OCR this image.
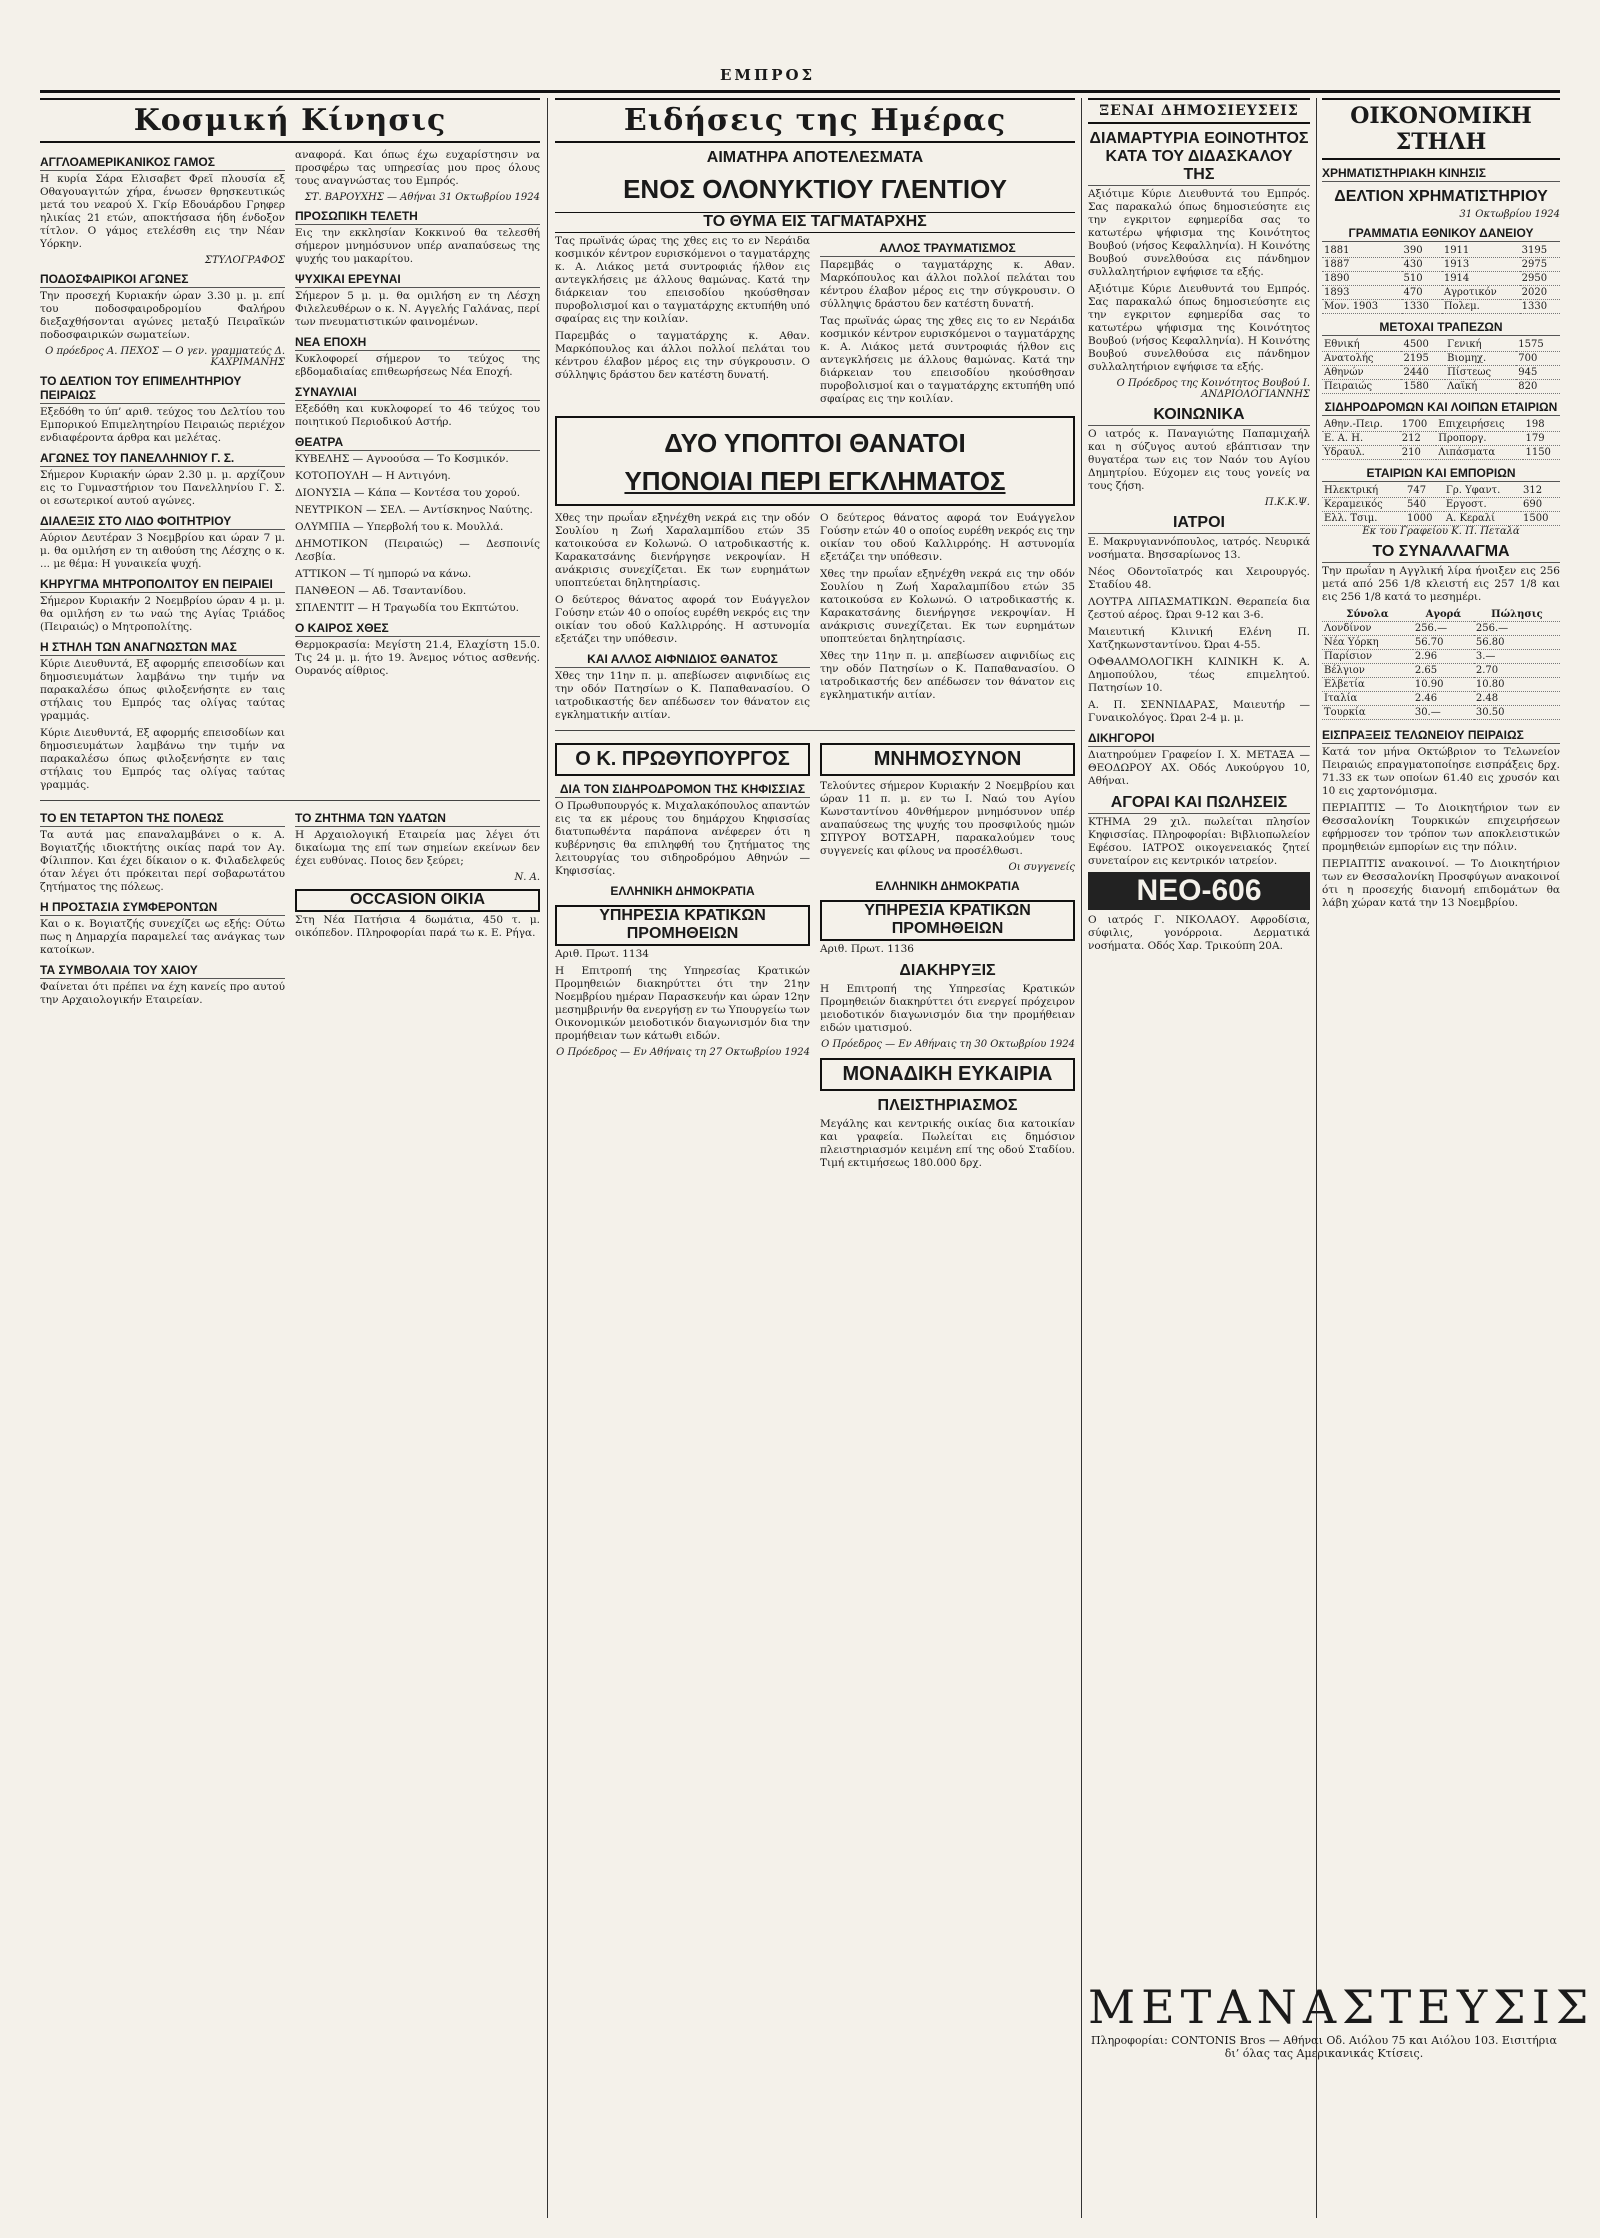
ΕΜΠΡΟΣ
Κοσμική Κίνησις
ΑΓΓΛΟΑΜΕΡΙΚΑΝΙΚΟΣ ΓΑΜΟΣ

Η κυρία Σάρα Ελισαβετ Φρεϊ πλουσία εξ Οθαγουαγιτών χήρα, ένωσεν θρησκευτικώς μετά του νεαρού Χ. Γκίρ Εδουάρδου Γρηφερ ηλικίας 21 ετών, αποκτήσασα ήδη ένδοξον τίτλον. Ο γάμος ετελέσθη εις την Νέαν Υόρκην.

ΣΤΥΛΟΓΡΑΦΟΣ

ΠΟΔΟΣΦΑΙΡΙΚΟΙ ΑΓΩΝΕΣ

Την προσεχή Κυριακήν ώραν 3.30 μ. μ. επί του ποδοσφαιροδρομίου Φαλήρου διεξαχθήσονται αγώνες μεταξύ Πειραϊκών ποδοσφαιρικών σωματείων.

Ο πρόεδρος Α. ΠΕΧΟΣ — Ο γεν. γραμματεύς Δ. ΚΑΧΡΙΜΑΝΗΣ

ΤΟ ΔΕΛΤΙΟΝ ΤΟΥ ΕΠΙΜΕΛΗΤΗΡΙΟΥ ΠΕΙΡΑΙΩΣ

Εξεδόθη το ύπ’ αριθ. τεύχος του Δελτίου του Εμπορικού Επιμελητηρίου Πειραιώς περιέχον ενδιαφέροντα άρθρα και μελέτας.

ΑΓΩΝΕΣ ΤΟΥ ΠΑΝΕΛΛΗΝΙΟΥ Γ. Σ.

Σήμερον Κυριακήν ώραν 2.30 μ. μ. αρχίζουν εις το Γυμναστήριον του Πανελληνίου Γ. Σ. οι εσωτερικοί αυτού αγώνες.

ΔΙΑΛΕΞΙΣ ΣΤΟ ΛΙΔΟ ΦΟΙΤΗΤΡΙΟΥ

Αύριον Δευτέραν 3 Νοεμβρίου και ώραν 7 μ. μ. θα ομιλήση εν τη αιθούση της Λέσχης ο κ. ... με θέμα: Η γυναικεία ψυχή.

ΚΗΡΥΓΜΑ ΜΗΤΡΟΠΟΛΙΤΟΥ ΕΝ ΠΕΙΡΑΙΕΙ

Σήμερον Κυριακήν 2 Νοεμβρίου ώραν 4 μ. μ. θα ομιλήση εν τω ναώ της Αγίας Τριάδος (Πειραιώς) ο Μητροπολίτης.

Η ΣΤΗΛΗ ΤΩΝ ΑΝΑΓΝΩΣΤΩΝ ΜΑΣ

Κύριε Διευθυντά, Εξ αφορμής επεισοδίων και δημοσιευμάτων λαμβάνω την τιμήν να παρακαλέσω όπως φιλοξενήσητε εν ταις στήλαις του Εμπρός τας ολίγας ταύτας γραμμάς.

Κύριε Διευθυντά, Εξ αφορμής επεισοδίων και δημοσιευμάτων λαμβάνω την τιμήν να παρακαλέσω όπως φιλοξενήσητε εν ταις στήλαις του Εμπρός τας ολίγας ταύτας γραμμάς.

αναφορά. Και όπως έχω ευχαρίστησιν να προσφέρω τας υπηρεσίας μου προς όλους τους αναγνώστας του Εμπρός.

ΣΤ. ΒΑΡΟΥΧΗΣ — Αθήναι 31 Οκτωβρίου 1924

ΠΡΟΣΩΠΙΚΗ ΤΕΛΕΤΗ

Εις την εκκλησίαν Κοκκινού θα τελεσθή σήμερον μνημόσυνον υπέρ αναπαύσεως της ψυχής του μακαρίτου.

ΨΥΧΙΚΑΙ ΕΡΕΥΝΑΙ

Σήμερον 5 μ. μ. θα ομιλήση εν τη Λέσχη Φιλελευθέρων ο κ. Ν. Αγγελής Γαλάνας, περί των πνευματιστικών φαινομένων.

ΝΕΑ ΕΠΟΧΗ

Κυκλοφορεί σήμερον το τεύχος της εβδομαδιαίας επιθεωρήσεως Νέα Εποχή.

ΣΥΝΑΥΛΙΑΙ

Εξεδόθη και κυκλοφορεί το 46 τεύχος του ποιητικού Περιοδικού Αστήρ.

ΘΕΑΤΡΑ

ΚΥΒΕΛΗΣ — Αγνοούσα — Το Κοσμικόν.

ΚΟΤΟΠΟΥΛΗ — Η Αντιγόνη.

ΔΙΟΝΥΣΙΑ — Κάπα — Κοντέσα του χορού.

ΝΕΥΤΡΙΚΟΝ — ΣΕΛ. — Αντίσκηνος Ναύτης.

ΟΛΥΜΠΙΑ — Υπερβολή του κ. Μουλλά.

ΔΗΜΟΤΙΚΟΝ (Πειραιώς) — Δεσποινίς Λεσβία.

ΑΤΤΙΚΟΝ — Τί ημπορώ να κάνω.

ΠΑΝΘΕΟΝ — Αδ. Τσαντανίδου.

ΣΠΛΕΝΤΙΤ — Η Τραγωδία του Εκπτώτου.

Ο ΚΑΙΡΟΣ ΧΘΕΣ

Θερμοκρασία: Μεγίστη 21.4, Ελαχίστη 15.0. Τις 24 μ. μ. ήτο 19. Άνεμος νότιος ασθενής. Ουρανός αίθριος.

ΤΟ ΕΝ ΤΕΤΑΡΤΟΝ ΤΗΣ ΠΟΛΕΩΣ

Τα αυτά μας επαναλαμβάνει ο κ. Α. Βογιατζής ιδιοκτήτης οικίας παρά τον Αγ. Φίλιππον. Και έχει δίκαιον ο κ. Φιλαδελφεύς όταν λέγει ότι πρόκειται περί σοβαρωτάτου ζητήματος της πόλεως.

Η ΠΡΟΣΤΑΣΙΑ ΣΥΜΦΕΡΟΝΤΩΝ

Και ο κ. Βογιατζής συνεχίζει ως εξής: Ούτω πως η Δημαρχία παραμελεί τας ανάγκας των κατοίκων.

ΤΑ ΣΥΜΒΟΛΑΙΑ ΤΟΥ ΧΑΙΟΥ

Φαίνεται ότι πρέπει να έχη κανείς προ αυτού την Αρχαιολογικήν Εταιρείαν.

ΤΟ ΖΗΤΗΜΑ ΤΩΝ ΥΔΑΤΩΝ

Η Αρχαιολογική Εταιρεία μας λέγει ότι δικαίωμα της επί των σημείων εκείνων δεν έχει ευθύνας. Ποιος δεν ξεύρει;

Ν. Α.

OCCASION ΟΙΚΙΑ

Στη Νέα Πατήσια 4 δωμάτια, 450 τ. μ. οικόπεδον. Πληροφορίαι παρά τω κ. Ε. Ρήγα.

Ειδήσεις της Ημέρας
ΑΙΜΑΤΗΡΑ ΑΠΟΤΕΛΕΣΜΑΤΑ
ΕΝΟΣ ΟΛΟΝΥΚΤΙΟΥ ΓΛΕΝΤΙΟΥ
ΤΟ ΘΥΜΑ ΕΙΣ ΤΑΓΜΑΤΑΡΧΗΣ

Τας πρωϊνάς ώρας της χθες εις το εν Νεράιδα κοσμικόν κέντρον ευρισκόμενοι ο ταγματάρχης κ. Α. Λιάκος μετά συντροφιάς ήλθον εις αντεγκλήσεις με άλλους θαμώνας. Κατά την διάρκειαν του επεισοδίου ηκούσθησαν πυροβολισμοί και ο ταγματάρχης εκτυπήθη υπό σφαίρας εις την κοιλίαν.

Παρεμβάς ο ταγματάρχης κ. Αθαν. Μαρκόπουλος και άλλοι πολλοί πελάται του κέντρου έλαβον μέρος εις την σύγκρουσιν. Ο σύλληψις δράστου δεν κατέστη δυνατή.

ΑΛΛΟΣ ΤΡΑΥΜΑΤΙΣΜΟΣ

Παρεμβάς ο ταγματάρχης κ. Αθαν. Μαρκόπουλος και άλλοι πολλοί πελάται του κέντρου έλαβον μέρος εις την σύγκρουσιν. Ο σύλληψις δράστου δεν κατέστη δυνατή.

Τας πρωϊνάς ώρας της χθες εις το εν Νεράιδα κοσμικόν κέντρον ευρισκόμενοι ο ταγματάρχης κ. Α. Λιάκος μετά συντροφιάς ήλθον εις αντεγκλήσεις με άλλους θαμώνας. Κατά την διάρκειαν του επεισοδίου ηκούσθησαν πυροβολισμοί και ο ταγματάρχης εκτυπήθη υπό σφαίρας εις την κοιλίαν.

ΔΥΟ ΥΠΟΠΤΟΙ ΘΑΝΑΤΟΙ
ΥΠΟΝΟΙΑΙ ΠΕΡΙ ΕΓΚΛΗΜΑΤΟΣ

Χθες την πρωΐαν εξηνέχθη νεκρά εις την οδόν Σουλίου η Ζωή Χαραλαμπίδου ετών 35 κατοικούσα εν Κολωνώ. Ο ιατροδικαστής κ. Καρακατσάνης διενήργησε νεκροψίαν. Η ανάκρισις συνεχίζεται. Εκ των ευρημάτων υποπτεύεται δηλητηρίασις.

Ο δεύτερος θάνατος αφορά τον Ευάγγελον Γούσην ετών 40 ο οποίος ευρέθη νεκρός εις την οικίαν του οδού Καλλιρρόης. Η αστυνομία εξετάζει την υπόθεσιν.

ΚΑΙ ΑΛΛΟΣ ΑΙΦΝΙΔΙΟΣ ΘΑΝΑΤΟΣ

Χθες την 11ην π. μ. απεβίωσεν αιφνιδίως εις την οδόν Πατησίων ο Κ. Παπαθανασίου. Ο ιατροδικαστής δεν απέδωσεν τον θάνατον εις εγκληματικήν αιτίαν.

Ο δεύτερος θάνατος αφορά τον Ευάγγελον Γούσην ετών 40 ο οποίος ευρέθη νεκρός εις την οικίαν του οδού Καλλιρρόης. Η αστυνομία εξετάζει την υπόθεσιν.

Χθες την πρωΐαν εξηνέχθη νεκρά εις την οδόν Σουλίου η Ζωή Χαραλαμπίδου ετών 35 κατοικούσα εν Κολωνώ. Ο ιατροδικαστής κ. Καρακατσάνης διενήργησε νεκροψίαν. Η ανάκρισις συνεχίζεται. Εκ των ευρημάτων υποπτεύεται δηλητηρίασις.

Χθες την 11ην π. μ. απεβίωσεν αιφνιδίως εις την οδόν Πατησίων ο Κ. Παπαθανασίου. Ο ιατροδικαστής δεν απέδωσεν τον θάνατον εις εγκληματικήν αιτίαν.

Ο Κ. ΠΡΩΘΥΠΟΥΡΓΟΣ
ΔΙΑ ΤΟΝ ΣΙΔΗΡΟΔΡΟΜΟΝ ΤΗΣ ΚΗΦΙΣΣΙΑΣ

Ο Πρωθυπουργός κ. Μιχαλακόπουλος απαντών εις τα εκ μέρους του δημάρχου Κηφισσίας διατυπωθέντα παράπονα ανέφερεν ότι η κυβέρνησις θα επιληφθή του ζητήματος της λειτουργίας του σιδηροδρόμου Αθηνών — Κηφισσίας.

ΕΛΛΗΝΙΚΗ ΔΗΜΟΚΡΑΤΙΑ
ΥΠΗΡΕΣΙΑ ΚΡΑΤΙΚΩΝ ΠΡΟΜΗΘΕΙΩΝ

Αριθ. Πρωτ. 1134

Η Επιτροπή της Υπηρεσίας Κρατικών Προμηθειών διακηρύττει ότι την 21ην Νοεμβρίου ημέραν Παρασκευήν και ώραν 12ην μεσημβρινήν θα ενεργήσῃ εν τω Υπουργείω των Οικονομικών μειοδοτικόν διαγωνισμόν δια την προμήθειαν των κάτωθι ειδών.

Ο Πρόεδρος — Εν Αθήναις τη 27 Οκτωβρίου 1924

ΜΝΗΜΟΣΥΝΟΝ

Τελούντες σήμερον Κυριακήν 2 Νοεμβρίου και ώραν 11 π. μ. εν τω Ι. Ναώ του Αγίου Κωνσταντίνου 40νθήμερον μνημόσυνον υπέρ αναπαύσεως της ψυχής του προσφιλούς ημών ΣΠΥΡΟΥ ΒΟΤΣΑΡΗ, παρακαλούμεν τους συγγενείς και φίλους να προσέλθωσι.

Οι συγγενείς

ΕΛΛΗΝΙΚΗ ΔΗΜΟΚΡΑΤΙΑ
ΥΠΗΡΕΣΙΑ ΚΡΑΤΙΚΩΝ ΠΡΟΜΗΘΕΙΩΝ

Αριθ. Πρωτ. 1136

ΔΙΑΚΗΡΥΞΙΣ

Η Επιτροπή της Υπηρεσίας Κρατικών Προμηθειών διακηρύττει ότι ενεργεί πρόχειρον μειοδοτικόν διαγωνισμόν δια την προμήθειαν ειδών ιματισμού.

Ο Πρόεδρος — Εν Αθήναις τη 30 Οκτωβρίου 1924

ΜΟΝΑΔΙΚΗ ΕΥΚΑΙΡΙΑ
ΠΛΕΙΣΤΗΡΙΑΣΜΟΣ

Μεγάλης και κεντρικής οικίας δια κατοικίαν και γραφεία. Πωλείται εις δημόσιον πλειστηριασμόν κειμένη επί της οδού Σταδίου. Τιμή εκτιμήσεως 180.000 δρχ.

ΞΕΝΑΙ ΔΗΜΟΣΙΕΥΣΕΙΣ
ΔΙΑΜΑΡΤΥΡΙΑ ΕΟΙΝΟΤΗΤΟΣ ΚΑΤΑ ΤΟΥ ΔΙΔΑΣΚΑΛΟΥ ΤΗΣ

Αξιότιμε Κύριε Διευθυντά του Εμπρός. Σας παρακαλώ όπως δημοσιεύσητε εις την εγκριτον εφημερίδα σας το κατωτέρω ψήφισμα της Κοινότητος Βουβού (νήσος Κεφαλληνία). Η Κοινότης Βουβού συνελθούσα εις πάνδημον συλλαλητήριον εψήφισε τα εξής.

Αξιότιμε Κύριε Διευθυντά του Εμπρός. Σας παρακαλώ όπως δημοσιεύσητε εις την εγκριτον εφημερίδα σας το κατωτέρω ψήφισμα της Κοινότητος Βουβού (νήσος Κεφαλληνία). Η Κοινότης Βουβού συνελθούσα εις πάνδημον συλλαλητήριον εψήφισε τα εξής.

Ο Πρόεδρος της Κοινότητος Βουβού Ι. ΑΝΔΡΙΟΛΟΓΙΑΝΝΗΣ

ΚΟΙΝΩΝΙΚΑ

Ο ιατρός κ. Παναγιώτης Παπαμιχαήλ και η σύζυγος αυτού εβάπτισαν την θυγατέρα των εις τον Ναόν του Αγίου Δημητρίου. Εύχομεν εις τους γονείς να τους ζήση.

Π.Κ.Κ.Ψ.

ΙΑΤΡΟΙ

Ε. Μακρυγιαννόπουλος, ιατρός. Νευρικά νοσήματα. Βησσαρίωνος 13.

Νέος Οδοντοϊατρός και Χειρουργός. Σταδίου 48.

ΛΟΥΤΡΑ ΛΙΠΑΣΜΑΤΙΚΩΝ. Θεραπεία δια ζεστού αέρος. Ώραι 9-12 και 3-6.

Μαιευτική Κλινική Ελένη Π. Χατζηκωνσταντίνου. Ώραι 4-55.

ΟΦΘΑΛΜΟΛΟΓΙΚΗ ΚΛΙΝΙΚΗ Κ. Α. Δημοπούλου, τέως επιμελητού. Πατησίων 10.

Α. Π. ΣΕΝΝΙΔΑΡΑΣ, Μαιευτήρ — Γυναικολόγος. Ώραι 2-4 μ. μ.

ΔΙΚΗΓΟΡΟΙ

Διατηρούμεν Γραφείον Ι. Χ. ΜΕΤΑΞΑ — ΘΕΟΔΩΡΟΥ ΑΧ. Οδός Λυκούργου 10, Αθήναι.

ΑΓΟΡΑΙ ΚΑΙ ΠΩΛΗΣΕΙΣ

ΚΤΗΜΑ 29 χιλ. πωλείται πλησίον Κηφισσίας. Πληροφορίαι: Βιβλιοπωλείον Εφέσου. ΙΑΤΡΟΣ οικογενειακός ζητεί συνεταίρον εις κεντρικόν ιατρείον.

ΝΕΟ-606

Ο ιατρός Γ. ΝΙΚΟΛΑΟΥ. Αφροδίσια, σύφιλις, γονόρροια. Δερματικά νοσήματα. Οδός Χαρ. Τρικούπη 20Α.

ΟΙΚΟΝΟΜΙΚΗ ΣΤΗΛΗ
ΧΡΗΜΑΤΙΣΤΗΡΙΑΚΗ ΚΙΝΗΣΙΣ
ΔΕΛΤΙΟΝ ΧΡΗΜΑΤΙΣΤΗΡΙΟΥ

31 Οκτωβρίου 1924

ΓΡΑΜΜΑΤΙΑ ΕΘΝΙΚΟΥ ΔΑΝΕΙΟΥ
1881	390	1911	3195
1887	430	1913	2975
1890	510	1914	2950
1893	470	Αγροτικόν	2020
Μον. 1903	1330	Πολεμ.	1330
ΜΕΤΟΧΑΙ ΤΡΑΠΕΖΩΝ
Εθνική	4500	Γενική	1575
Ανατολής	2195	Βιομηχ.	700
Αθηνών	2440	Πίστεως	945
Πειραιώς	1580	Λαϊκή	820
ΣΙΔΗΡΟΔΡΟΜΩΝ ΚΑΙ ΛΟΙΠΩΝ ΕΤΑΙΡΙΩΝ
Αθην.-Πειρ.	1700	Επιχειρήσεις	198
Ε. Α. Η.	212	Προποργ.	179
Υδραυλ.	210	Λιπάσματα	1150
ΕΤΑΙΡΙΩΝ ΚΑΙ ΕΜΠΟΡΙΩΝ
Ηλεκτρική	747	Γρ. Υφαντ.	312
Κεραμεικός	540	Εργοστ.	690
Ελλ. Τσιμ.	1000	Α. Κεραλί	1500

Εκ του Γραφείου Κ. Π. Πεταλά

ΤΟ ΣΥΝΑΛΛΑΓΜΑ

Την πρωΐαν η Αγγλική λίρα ήνοιξεν εις 256 μετά από 256 1/8 κλειστή εις 257 1/8 και εις 256 1/8 κατά το μεσημέρι.

Σύνολα	Αγορά	Πώλησις
Λονδίνον	256.—	256.—
Νέα Υόρκη	56.70	56.80
Παρίσιον	2.96	3.—
Βέλγιον	2.65	2.70
Ελβετία	10.90	10.80
Ιταλία	2.46	2.48
Τουρκία	30.—	30.50
ΕΙΣΠΡΑΞΕΙΣ ΤΕΛΩΝΕΙΟΥ ΠΕΙΡΑΙΩΣ

Κατά τον μήνα Οκτώβριον το Τελωνείον Πειραιώς επραγματοποίησε εισπράξεις δρχ. 71.33 εκ των οποίων 61.40 εις χρυσόν και 10 εις χαρτονόμισμα.

ΠΕΡΙΑΠΤΙΣ — Το Διοικητήριον των εν Θεσσαλονίκη Τουρκικών επιχειρήσεων εφήρμοσεν τον τρόπον των αποκλειστικών προμηθειών εμπορίων εις την πόλιν.

ΠΕΡΙΑΠΤΙΣ ανακοινοί. — Το Διοικητήριον των εν Θεσσαλονίκη Προσφύγων ανακοινοί ότι η προσεχής διανομή επιδομάτων θα λάβη χώραν κατά την 13 Νοεμβρίου.

ΜΕΤΑΝΑΣΤΕΥΣΙΣ
Πληροφορίαι: CONTONIS Bros — Αθήναι Οδ. Αιόλου 75 και Αιόλου 103. Εισιτήρια δι’ όλας τας Αμερικανικάς Κτίσεις.
